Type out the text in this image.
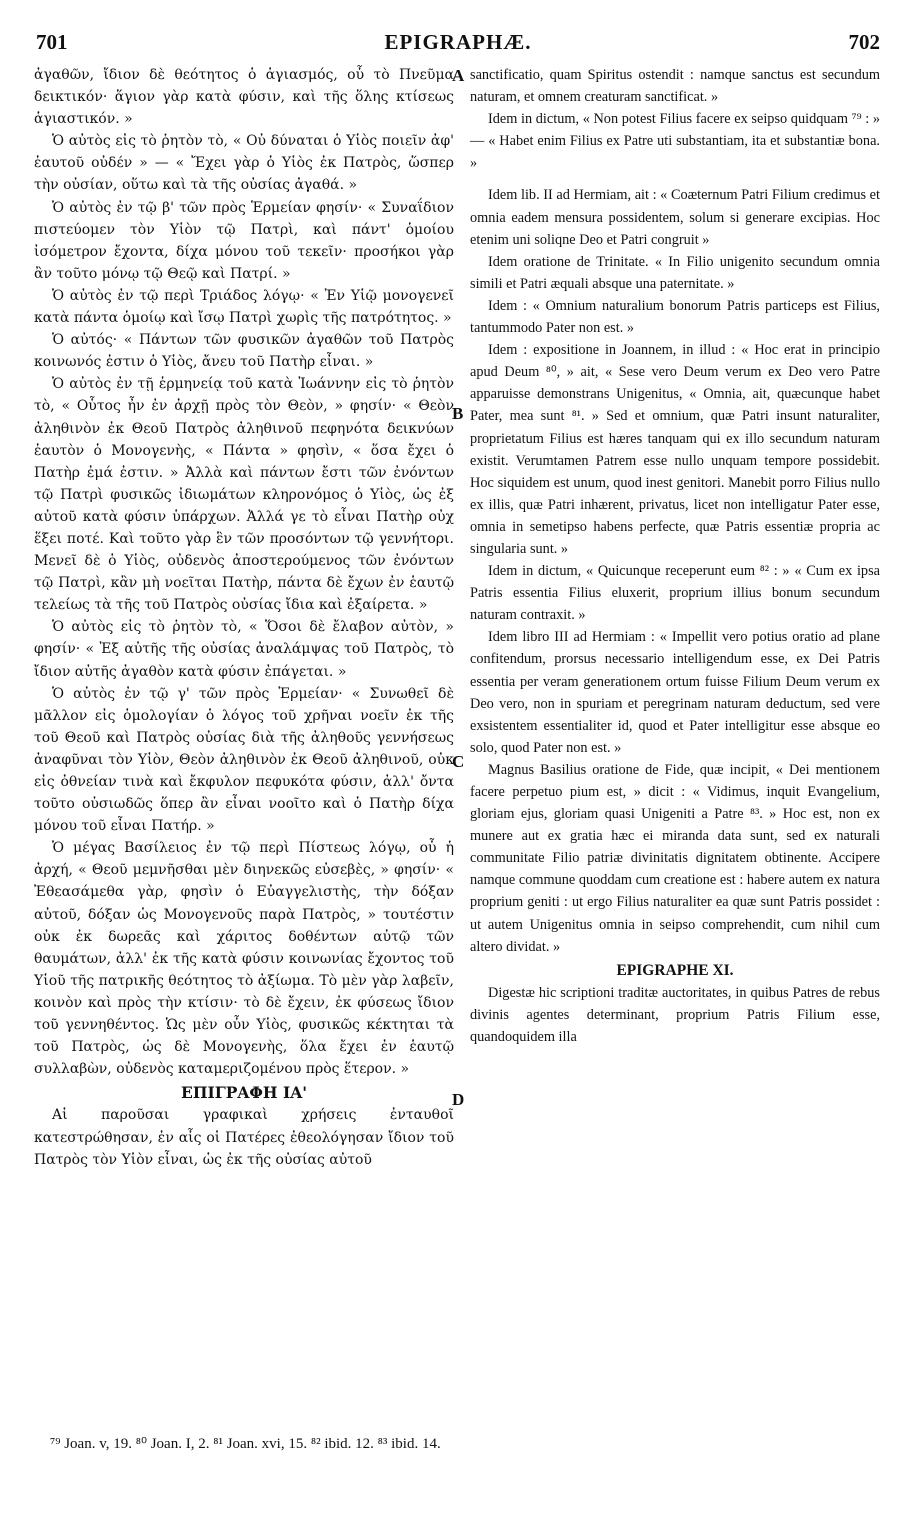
701	EPIGRAPHÆ.	702

ἀγαθῶν, ἴδιον δὲ θεότητος ὁ ἁγιασμός, οὗ τὸ Πνεῦμα δεικτικόν· ἅγιον γὰρ κατὰ φύσιν, καὶ τῆς ὅλης κτίσεως ἁγιαστικόν. »

Ὁ αὐτὸς εἰς τὸ ῥητὸν τὸ, « Οὐ δύναται ὁ Υἱὸς ποιεῖν ἀφ' ἑαυτοῦ οὐδέν » — « Ἔχει γὰρ ὁ Υἱὸς ἐκ Πατρὸς, ὥσπερ τὴν οὐσίαν, οὕτω καὶ τὰ τῆς οὐσίας ἀγαθά. »

Ὁ αὐτὸς ἐν τῷ β' τῶν πρὸς Ἑρμείαν φησίν· « Συναΐδιον πιστεύομεν τὸν Υἱὸν τῷ Πατρὶ, καὶ πάντ' ὁμοίου ἰσόμετρον ἔχοντα, δίχα μόνου τοῦ τεκεῖν· προσήκοι γὰρ ἂν τοῦτο μόνῳ τῷ Θεῷ καὶ Πατρί. »

Ὁ αὐτὸς ἐν τῷ περὶ Τριάδος λόγῳ· « Ἐν Υἱῷ μονογενεῖ κατὰ πάντα ὁμοίῳ καὶ ἴσῳ Πατρὶ χωρὶς τῆς πατρότητος. »

Ὁ αὐτός· « Πάντων τῶν φυσικῶν ἀγαθῶν τοῦ Πατρὸς κοινωνός ἐστιν ὁ Υἱὸς, ἄνευ τοῦ Πατὴρ εἶναι. »

Ὁ αὐτὸς ἐν τῇ ἑρμηνείᾳ τοῦ κατὰ Ἰωάννην εἰς τὸ ῥητὸν τὸ, « Οὗτος ἦν ἐν ἀρχῇ πρὸς τὸν Θεὸν, » φησίν· « Θεὸν ἀληθινὸν ἐκ Θεοῦ Πατρὸς ἀληθινοῦ πεφηνότα δεικνύων ἑαυτὸν ὁ Μονογενὴς, « Πάντα » φησὶν, « ὅσα ἔχει ὁ Πατὴρ ἐμά ἐστιν. » Ἀλλὰ καὶ πάντων ἔστι τῶν ἐνόντων τῷ Πατρὶ φυσικῶς ἰδιωμάτων κληρονόμος ὁ Υἱὸς, ὡς ἐξ αὐτοῦ κατὰ φύσιν ὑπάρχων. Ἀλλά γε τὸ εἶναι Πατὴρ οὐχ ἕξει ποτέ. Καὶ τοῦτο γὰρ ἓν τῶν προσόντων τῷ γεννήτορι. Μενεῖ δὲ ὁ Υἱὸς, οὐδενὸς ἀποστερούμενος τῶν ἐνόντων τῷ Πατρὶ, κἂν μὴ νοεῖται Πατὴρ, πάντα δὲ ἔχων ἐν ἑαυτῷ τελείως τὰ τῆς τοῦ Πατρὸς οὐσίας ἴδια καὶ ἐξαίρετα. »

Ὁ αὐτὸς εἰς τὸ ῥητὸν τὸ, « Ὅσοι δὲ ἔλαβον αὐτὸν, » φησίν· « Ἐξ αὐτῆς τῆς οὐσίας ἀναλάμψας τοῦ Πατρὸς, τὸ ἴδιον αὐτῆς ἀγαθὸν κατὰ φύσιν ἐπάγεται. »

Ὁ αὐτὸς ἐν τῷ γ' τῶν πρὸς Ἑρμείαν· « Συνωθεῖ δὲ μᾶλλον εἰς ὁμολογίαν ὁ λόγος τοῦ χρῆναι νοεῖν ἐκ τῆς τοῦ Θεοῦ καὶ Πατρὸς οὐσίας διὰ τῆς ἀληθοῦς γεννήσεως ἀναφῦναι τὸν Υἱὸν, Θεὸν ἀληθινὸν ἐκ Θεοῦ ἀληθινοῦ, οὐκ εἰς ὀθνείαν τινὰ καὶ ἔκφυλον πεφυκότα φύσιν, ἀλλ' ὄντα τοῦτο οὐσιωδῶς ὅπερ ἂν εἶναι νοοῖτο καὶ ὁ Πατὴρ δίχα μόνου τοῦ εἶναι Πατήρ. »

Ὁ μέγας Βασίλειος ἐν τῷ περὶ Πίστεως λόγῳ, οὗ ἡ ἀρχή, « Θεοῦ μεμνῆσθαι μὲν διηνεκῶς εὐσεβὲς, » φησίν· « Ἐθεασάμεθα γὰρ, φησὶν ὁ Εὐαγγελιστὴς, τὴν δόξαν αὐτοῦ, δόξαν ὡς Μονογενοῦς παρὰ Πατρὸς, » τουτέστιν οὐκ ἐκ δωρεᾶς καὶ χάριτος δοθέντων αὐτῷ τῶν θαυμάτων, ἀλλ' ἐκ τῆς κατὰ φύσιν κοινωνίας ἔχοντος τοῦ Υἱοῦ τῆς πατρικῆς θεότητος τὸ ἀξίωμα. Τὸ μὲν γὰρ λαβεῖν, κοινὸν καὶ πρὸς τὴν κτίσιν· τὸ δὲ ἔχειν, ἐκ φύσεως ἴδιον τοῦ γεννηθέντος. Ὡς μὲν οὖν Υἱὸς, φυσικῶς κέκτηται τὰ τοῦ Πατρὸς, ὡς δὲ Μονογενὴς, ὅλα ἔχει ἐν ἑαυτῷ συλλαβὼν, οὐδενὸς καταμεριζομένου πρὸς ἕτερον. »

ΕΠΙΓΡΑΦΗ ΙΑ'

Αἱ παροῦσαι γραφικαὶ χρήσεις ἐνταυθοῖ κατεστρώθησαν, ἐν αἷς οἱ Πατέρες ἐθεολόγησαν ἴδιον τοῦ Πατρὸς τὸν Υἱὸν εἶναι, ὡς ἐκ τῆς οὐσίας αὐτοῦ

A
B
C
D

sanctificatio, quam Spiritus ostendit : namque sanctus est secundum naturam, et omnem creaturam sanctificat. »

Idem in dictum, « Non potest Filius facere ex seipso quidquam ⁷⁹ : » — « Habet enim Filius ex Patre uti substantiam, ita et substantiæ bona. »

Idem lib. II ad Hermiam, ait : « Coæternum Patri Filium credimus et omnia eadem mensura possidentem, solum si generare excipias. Hoc etenim uni soliqne Deo et Patri congruit »

Idem oratione de Trinitate. « In Filio unigenito secundum omnia simili et Patri æquali absque una paternitate. »

Idem : « Omnium naturalium bonorum Patris particeps est Filius, tantummodo Pater non est. »

Idem : expositione in Joannem, in illud : « Hoc erat in principio apud Deum ⁸⁰, » ait, « Sese vero Deum verum ex Deo vero Patre apparuisse demonstrans Unigenitus, « Omnia, ait, quæcunque habet Pater, mea sunt ⁸¹. » Sed et omnium, quæ Patri insunt naturaliter, proprietatum Filius est hæres tanquam qui ex illo secundum naturam existit. Verumtamen Patrem esse nullo unquam tempore possidebit. Hoc siquidem est unum, quod inest genitori. Manebit porro Filius nullo ex illis, quæ Patri inhærent, privatus, licet non intelligatur Pater esse, omnia in semetipso habens perfecte, quæ Patris essentiæ propria ac singularia sunt. »

Idem in dictum, « Quicunque receperunt eum ⁸² : » « Cum ex ipsa Patris essentia Filius eluxerit, proprium illius bonum secundum naturam contraxit. »

Idem libro III ad Hermiam : « Impellit vero potius oratio ad plane confitendum, prorsus necessario intelligendum esse, ex Dei Patris essentia per veram generationem ortum fuisse Filium Deum verum ex Deo vero, non in spuriam et peregrinam naturam deductum, sed vere exsistentem essentialiter id, quod et Pater intelligitur esse absque eo solo, quod Pater non est. »

Magnus Basilius oratione de Fide, quæ incipit, « Dei mentionem facere perpetuo pium est, » dicit : « Vidimus, inquit Evangelium, gloriam ejus, gloriam quasi Unigeniti a Patre ⁸³. » Hoc est, non ex munere aut ex gratia hæc ei miranda data sunt, sed ex naturali communitate Filio patriæ divinitatis dignitatem obtinente. Accipere namque commune quoddam cum creatione est : habere autem ex natura proprium geniti : ut ergo Filius naturaliter ea quæ sunt Patris possidet : ut autem Unigenitus omnia in seipso comprehendit, cum nihil cum altero dividat. »

EPIGRAPHE XI.

Digestæ hic scriptioni traditæ auctoritates, in quibus Patres de rebus divinis agentes determinant, proprium Patris Filium esse, quandoquidem illa

⁷⁹ Joan. v, 19. ⁸⁰ Joan. I, 2. ⁸¹ Joan. xvi, 15. ⁸² ibid. 12. ⁸³ ibid. 14.
